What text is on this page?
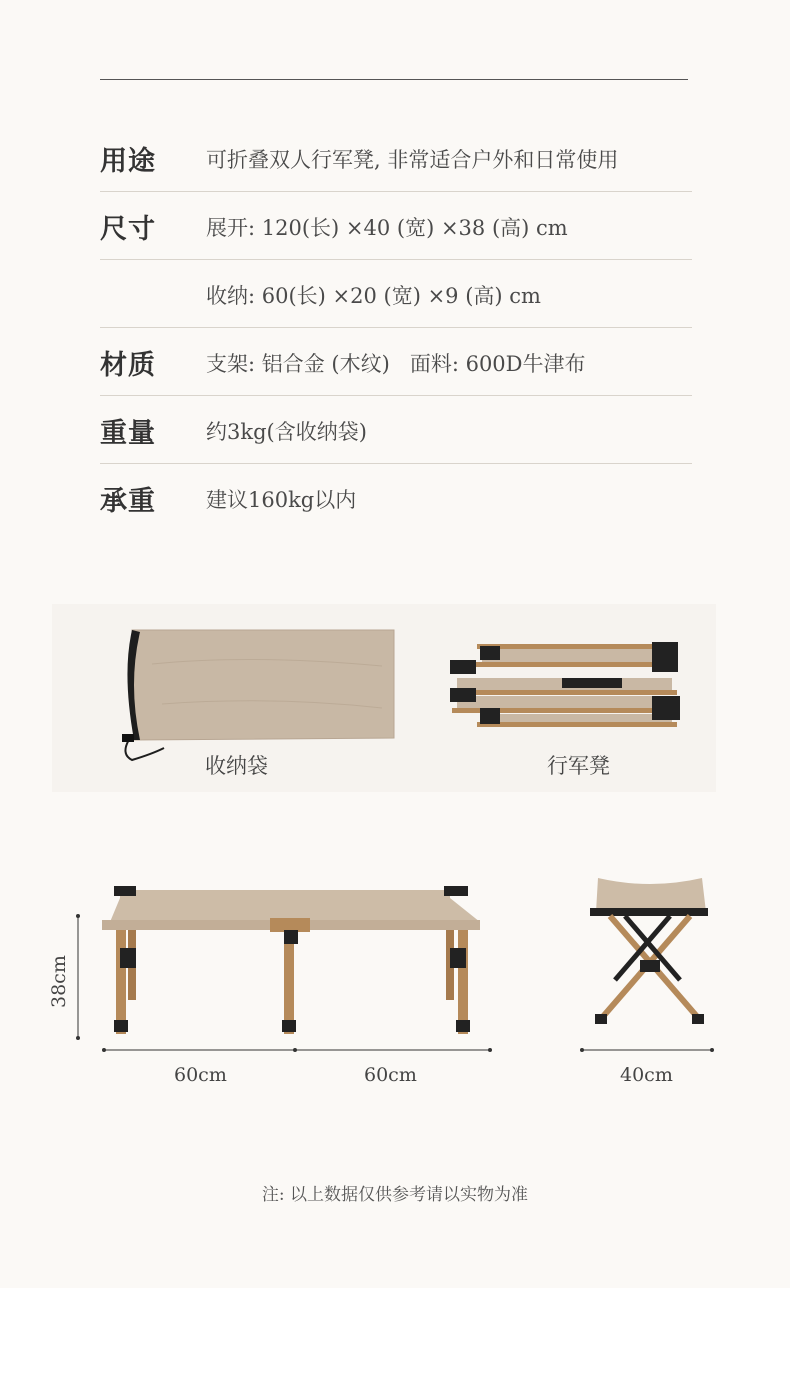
用途 可折叠双人行军凳, 非常适合户外和日常使用
尺寸 展开: 120(长) ×40 (宽) ×38 (高) cm
收纳: 60(长) ×20 (宽) ×9 (高) cm
材质 支架: 铝合金 (木纹)   面料: 600D牛津布
重量 约3kg(含收纳袋)
承重 建议160kg以内
收纳袋	行军凳
38cm
60cm	60cm	40cm
注: 以上数据仅供参考请以实物为准
